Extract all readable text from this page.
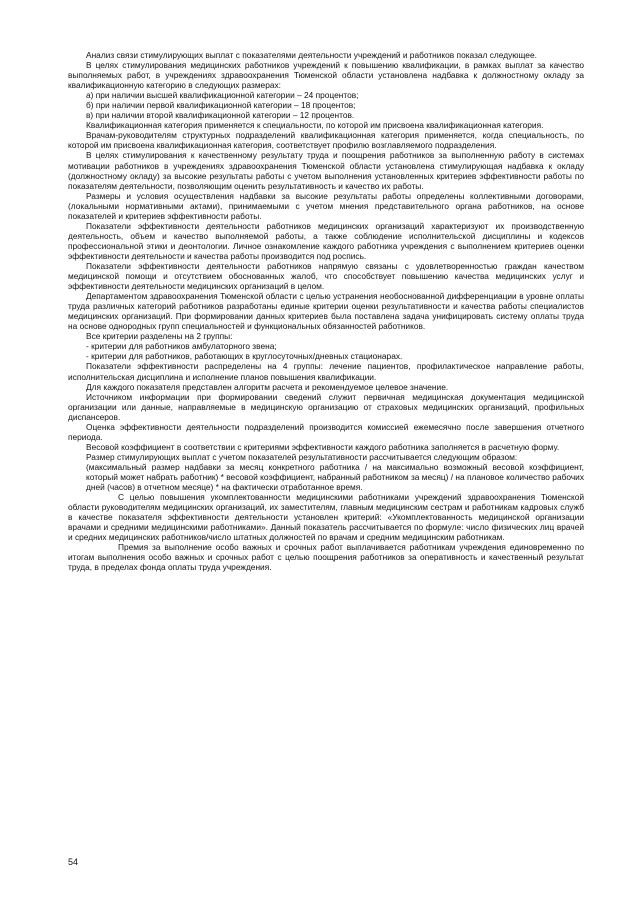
Анализ связи стимулирующих выплат с показателями деятельности учреждений и работников показал следующее.

В целях стимулирования медицинских работников учреждений к повышению квалификации, в рамках выплат за качество выполняемых работ, в учреждениях здравоохранения Тюменской области установлена надбавка к должностному окладу за квалификационную категорию в следующих размерах:

а) при наличии высшей квалификационной категории – 24 процентов;

б) при наличии первой квалификационной категории – 18 процентов;

в) при наличии второй квалификационной категории – 12 процентов.

Квалификационная категория применяется к специальности, по которой им присвоена квалификационная категория.

Врачам-руководителям структурных подразделений квалификационная категория применяется, когда специальность, по которой им присвоена квалификационная категория, соответствует профилю возглавляемого подразделения.

В целях стимулирования к качественному результату труда и поощрения работников за выполненную работу в системах мотивации работников в учреждениях здравоохранения Тюменской области установлена стимулирующая надбавка к окладу (должностному окладу) за высокие результаты работы с учетом выполнения установленных критериев эффективности работы по показателям деятельности, позволяющим оценить результативность и качество их работы.

Размеры и условия осуществления надбавки за высокие результаты работы определены коллективными договорами, (локальными нормативными актами), принимаемыми с учетом мнения представительного органа работников, на основе показателей и критериев эффективности работы.

Показатели эффективности деятельности работников медицинских организаций характеризуют их производственную деятельность, объем и качество выполняемой работы, а также соблюдение исполнительской дисциплины и кодексов профессиональной этики и деонтологии. Личное ознакомление каждого работника учреждения с выполнением критериев оценки эффективности деятельности и качества работы производится под роспись.

Показатели эффективности деятельности работников напрямую связаны с удовлетворенностью граждан качеством медицинской помощи и отсутствием обоснованных жалоб, что способствует повышению качества медицинских услуг и эффективности деятельности медицинских организаций в целом.

Департаментом здравоохранения Тюменской области с целью устранения необоснованной дифференциации в уровне оплаты труда различных категорий работников разработаны единые критерии оценки результативности и качества работы специалистов медицинских организаций. При формировании данных критериев была поставлена задача унифицировать систему оплаты труда на основе однородных групп специальностей и функциональных обязанностей работников.

Все критерии разделены на 2 группы:

- критерии для работников амбулаторного звена;

- критерии для работников, работающих в круглосуточных/дневных стационарах.

Показатели эффективности распределены на 4 группы: лечение пациентов, профилактическое направление работы, исполнительская дисциплина и исполнение планов повышения квалификации.

Для каждого показателя представлен алгоритм расчета и рекомендуемое целевое значение.

Источником информации при формировании сведений служит первичная медицинская документация медицинской организации или данные, направляемые в медицинскую организацию от страховых медицинских организаций, профильных диспансеров.

Оценка эффективности деятельности подразделений производится комиссией ежемесячно после завершения отчетного периода.

Весовой коэффициент в соответствии с критериями эффективности каждого работника заполняется в расчетную форму.

Размер стимулирующих выплат с учетом показателей результативности рассчитывается следующим образом:

(максимальный размер надбавки за месяц конкретного работника / на максимально возможный весовой коэффициент, который может набрать работник) * весовой коэффициент, набранный работником за месяц) / на плановое количество рабочих дней (часов) в отчетном месяце) * на фактически отработанное время.

С целью повышения укомплектованности медицинскими работниками учреждений здравоохранения Тюменской области руководителям медицинских организаций, их заместителям, главным медицинским сестрам и работникам кадровых служб в качестве показателя эффективности деятельности установлен критерий: «Укомплектованность медицинской организации врачами и средними медицинскими работниками». Данный показатель рассчитывается по формуле: число физических лиц врачей и средних медицинских работников/число штатных должностей по врачам и средним медицинским работникам.

Премия за выполнение особо важных и срочных работ выплачивается работникам учреждения единовременно по итогам выполнения особо важных и срочных работ с целью поощрения работников за оперативность и качественный результат труда, в пределах фонда оплаты труда учреждения.

54
